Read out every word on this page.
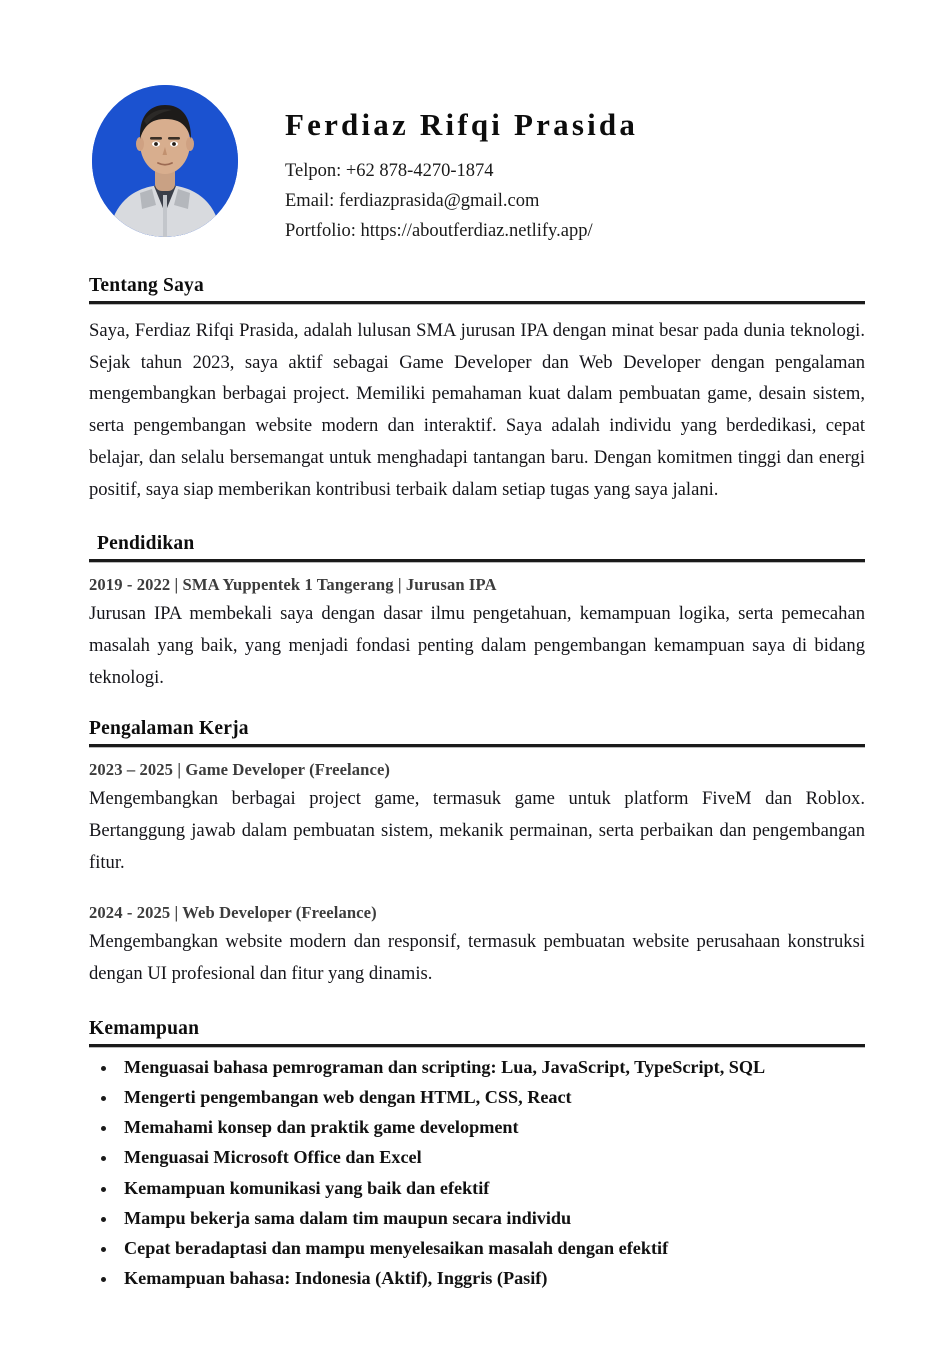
Ferdiaz Rifqi Prasida
Telpon: +62 878-4270-1874
Email: ferdiazprasida@gmail.com
Portfolio: https://aboutferdiaz.netlify.app/
Tentang Saya

Saya, Ferdiaz Rifqi Prasida, adalah lulusan SMA jurusan IPA dengan minat besar pada dunia teknologi. Sejak tahun 2023, saya aktif sebagai Game Developer dan Web Developer dengan pengalaman mengembangkan berbagai project. Memiliki pemahaman kuat dalam pembuatan game, desain sistem, serta pengembangan website modern dan interaktif. Saya adalah individu yang berdedikasi, cepat belajar, dan selalu bersemangat untuk menghadapi tantangan baru. Dengan komitmen tinggi dan energi positif, saya siap memberikan kontribusi terbaik dalam setiap tugas yang saya jalani.

Pendidikan
2019 - 2022 | SMA Yuppentek 1 Tangerang | Jurusan IPA

Jurusan IPA membekali saya dengan dasar ilmu pengetahuan, kemampuan logika, serta pemecahan masalah yang baik, yang menjadi fondasi penting dalam pengembangan kemampuan saya di bidang teknologi.

Pengalaman Kerja
2023 – 2025 | Game Developer (Freelance)

Mengembangkan berbagai project game, termasuk game untuk platform FiveM dan Roblox. Bertanggung jawab dalam pembuatan sistem, mekanik permainan, serta perbaikan dan pengembangan fitur.

2024 - 2025 | Web Developer (Freelance)

Mengembangkan website modern dan responsif, termasuk pembuatan website perusahaan konstruksi dengan UI profesional dan fitur yang dinamis.

Kemampuan
Menguasai bahasa pemrograman dan scripting: Lua, JavaScript, TypeScript, SQL
Mengerti pengembangan web dengan HTML, CSS, React
Memahami konsep dan praktik game development
Menguasai Microsoft Office dan Excel
Kemampuan komunikasi yang baik dan efektif
Mampu bekerja sama dalam tim maupun secara individu
Cepat beradaptasi dan mampu menyelesaikan masalah dengan efektif
Kemampuan bahasa: Indonesia (Aktif), Inggris (Pasif)
